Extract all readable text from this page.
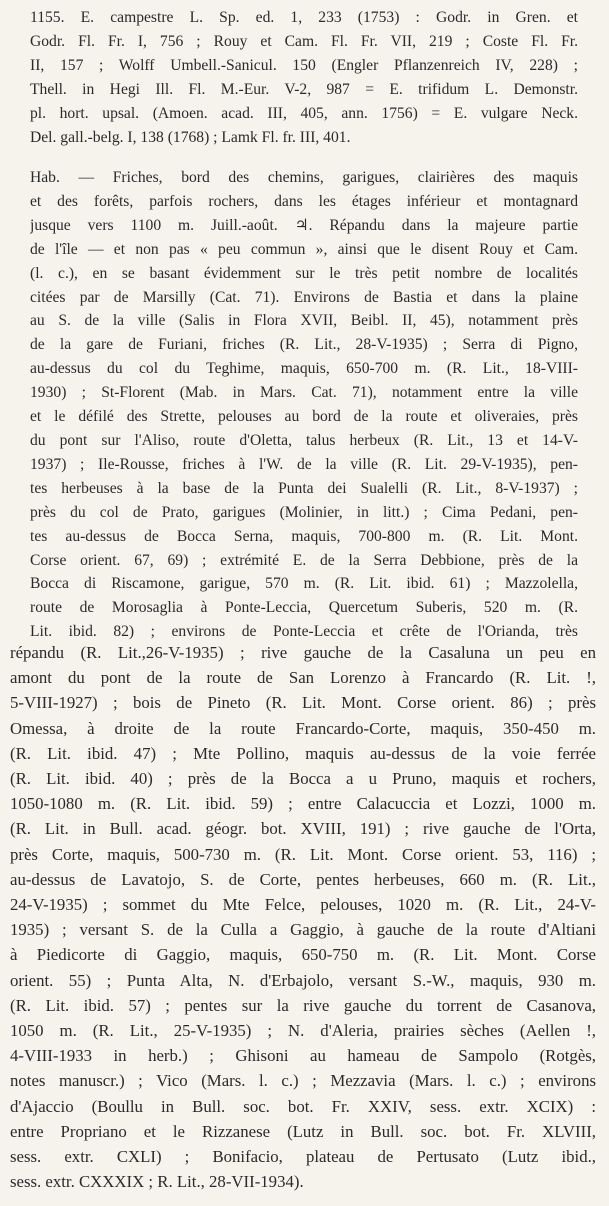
1155. E. campestre L. Sp. ed. 1, 233 (1753) : Godr. in Gren. et
Godr. Fl. Fr. I, 756 ; Rouy et Cam. Fl. Fr. VII, 219 ; Coste Fl. Fr.
II, 157 ; Wolff Umbell.-Sanicul. 150 (Engler Pflanzenreich IV, 228) ;
Thell. in Hegi Ill. Fl. M.-Eur. V-2, 987 = E. trifidum L. Demonstr.
pl. hort. upsal. (Amoen. acad. III, 405, ann. 1756) = E. vulgare Neck.
Del. gall.-belg. I, 138 (1768) ; Lamk Fl. fr. III, 401.
Hab. — Friches, bord des chemins, garigues, clairières des maquis
et des forêts, parfois rochers, dans les étages inférieur et montagnard
jusque vers 1100 m. Juill.-août. ♃. Répandu dans la majeure partie
de l'île — et non pas « peu commun », ainsi que le disent Rouy et Cam.
(l. c.), en se basant évidemment sur le très petit nombre de localités
citées par de Marsilly (Cat. 71). Environs de Bastia et dans la plaine
au S. de la ville (Salis in Flora XVII, Beibl. II, 45), notamment près
de la gare de Furiani, friches (R. Lit., 28-V-1935) ; Serra di Pigno,
au-dessus du col du Teghime, maquis, 650-700 m. (R. Lit., 18-VIII-
1930) ; St-Florent (Mab. in Mars. Cat. 71), notamment entre la ville
et le défilé des Strette, pelouses au bord de la route et oliveraies, près
du pont sur l'Aliso, route d'Oletta, talus herbeux (R. Lit., 13 et 14-V-
1937) ; Ile-Rousse, friches à l'W. de la ville (R. Lit. 29-V-1935), pen-
tes herbeuses à la base de la Punta dei Sualelli (R. Lit., 8-V-1937) ;
près du col de Prato, garigues (Molinier, in litt.) ; Cima Pedani, pen-
tes au-dessus de Bocca Serna, maquis, 700-800 m. (R. Lit. Mont.
Corse orient. 67, 69) ; extrémité E. de la Serra Debbione, près de la
Bocca di Riscamone, garigue, 570 m. (R. Lit. ibid. 61) ; Mazzolella,
route de Morosaglia à Ponte-Leccia, Quercetum Suberis, 520 m. (R.
Lit. ibid. 82) ; environs de Ponte-Leccia et crête de l'Orianda, très
répandu (R. Lit.,26-V-1935) ; rive gauche de la Casaluna un peu en
amont du pont de la route de San Lorenzo à Francardo (R. Lit. !,
5-VIII-1927) ; bois de Pineto (R. Lit. Mont. Corse orient. 86) ; près
Omessa, à droite de la route Francardo-Corte, maquis, 350-450 m.
(R. Lit. ibid. 47) ; Mte Pollino, maquis au-dessus de la voie ferrée
(R. Lit. ibid. 40) ; près de la Bocca a u Pruno, maquis et rochers,
1050-1080 m. (R. Lit. ibid. 59) ; entre Calacuccia et Lozzi, 1000 m.
(R. Lit. in Bull. acad. géogr. bot. XVIII, 191) ; rive gauche de l'Orta,
près Corte, maquis, 500-730 m. (R. Lit. Mont. Corse orient. 53, 116) ;
au-dessus de Lavatojo, S. de Corte, pentes herbeuses, 660 m. (R. Lit.,
24-V-1935) ; sommet du Mte Felce, pelouses, 1020 m. (R. Lit., 24-V-
1935) ; versant S. de la Culla a Gaggio, à gauche de la route d'Altiani
à Piedicorte di Gaggio, maquis, 650-750 m. (R. Lit. Mont. Corse
orient. 55) ; Punta Alta, N. d'Erbajolo, versant S.-W., maquis, 930 m.
(R. Lit. ibid. 57) ; pentes sur la rive gauche du torrent de Casanova,
1050 m. (R. Lit., 25-V-1935) ; N. d'Aleria, prairies sèches (Aellen !,
4-VIII-1933 in herb.) ; Ghisoni au hameau de Sampolo (Rotgès,
notes manuscr.) ; Vico (Mars. l. c.) ; Mezzavia (Mars. l. c.) ; environs
d'Ajaccio (Boullu in Bull. soc. bot. Fr. XXIV, sess. extr. XCIX) :
entre Propriano et le Rizzanese (Lutz in Bull. soc. bot. Fr. XLVIII,
sess. extr. CXLI) ; Bonifacio, plateau de Pertusato (Lutz ibid.,
sess. extr. CXXXIX ; R. Lit., 28-VII-1934).
